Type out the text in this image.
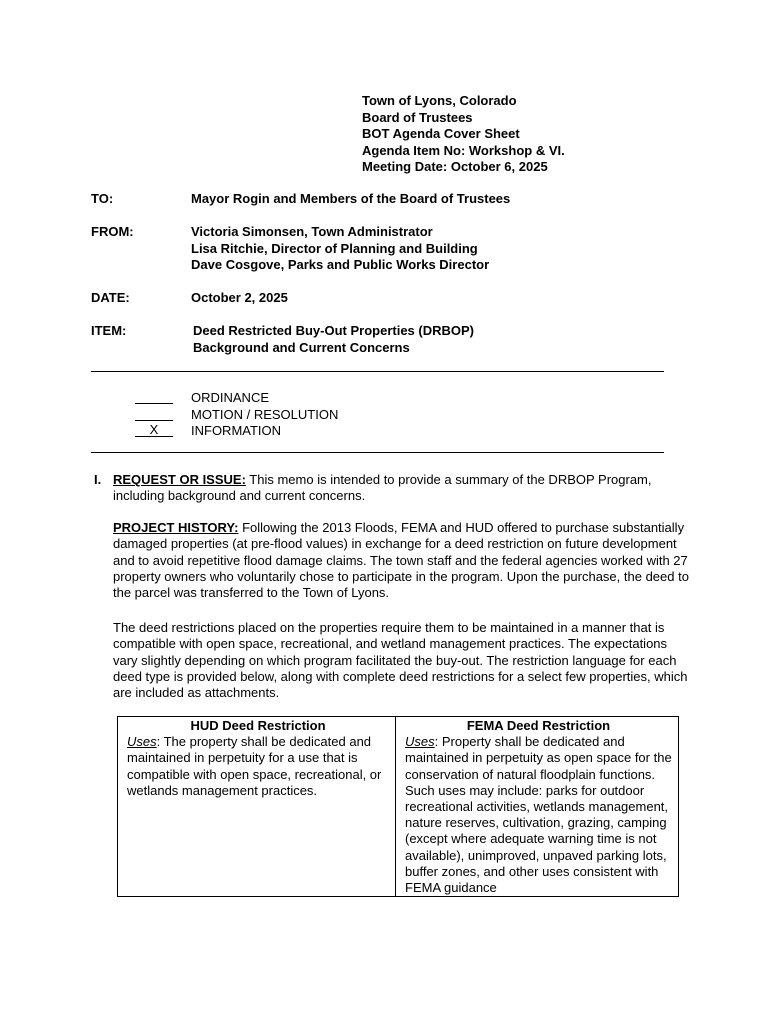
Town of Lyons, Colorado
Board of Trustees
BOT Agenda Cover Sheet
Agenda Item No: Workshop & VI.
Meeting Date: October 6, 2025
TO:	Mayor Rogin and Members of the Board of Trustees
FROM:	Victoria Simonsen, Town Administrator
Lisa Ritchie, Director of Planning and Building
Dave Cosgove, Parks and Public Works Director
DATE:	October 2, 2025
ITEM:	Deed Restricted Buy-Out Properties (DRBOP)
Background and Current Concerns
ORDINANCE
MOTION / RESOLUTION
X	INFORMATION
I. REQUEST OR ISSUE: This memo is intended to provide a summary of the DRBOP Program, including background and current concerns.

PROJECT HISTORY: Following the 2013 Floods, FEMA and HUD offered to purchase substantially damaged properties (at pre-flood values) in exchange for a deed restriction on future development and to avoid repetitive flood damage claims. The town staff and the federal agencies worked with 27 property owners who voluntarily chose to participate in the program. Upon the purchase, the deed to the parcel was transferred to the Town of Lyons.
The deed restrictions placed on the properties require them to be maintained in a manner that is compatible with open space, recreational, and wetland management practices. The expectations vary slightly depending on which program facilitated the buy-out. The restriction language for each deed type is provided below, along with complete deed restrictions for a select few properties, which are included as attachments.
HUD Deed Restriction	FEMA Deed Restriction
Uses: The property shall be dedicated and maintained in perpetuity for a use that is compatible with open space, recreational, or wetlands management practices.	Uses: Property shall be dedicated and maintained in perpetuity as open space for the conservation of natural floodplain functions. Such uses may include: parks for outdoor recreational activities, wetlands management, nature reserves, cultivation, grazing, camping (except where adequate warning time is not available), unimproved, unpaved parking lots, buffer zones, and other uses consistent with FEMA guidance
